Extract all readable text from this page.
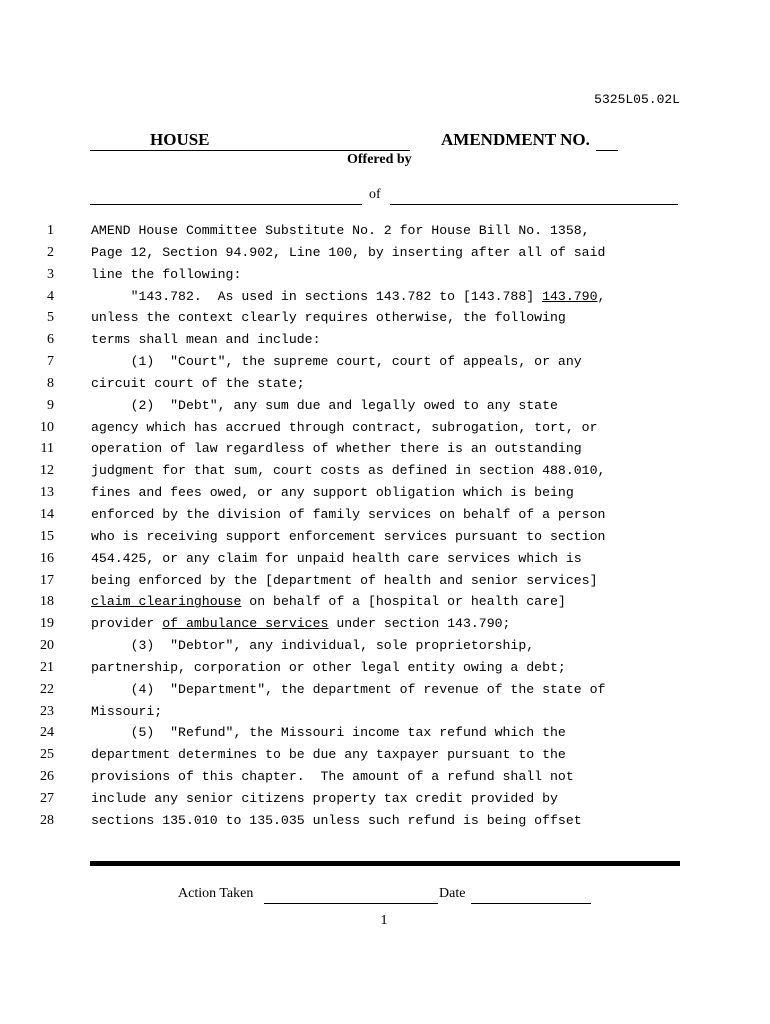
5325L05.02L
HOUSE	AMENDMENT NO.
Offered by
of
1	AMEND House Committee Substitute No. 2 for House Bill No. 1358,
2	Page 12, Section 94.902, Line 100, by inserting after all of said
3	line the following:
4	"143.782.  As used in sections 143.782 to [143.788] 143.790,
5	unless the context clearly requires otherwise, the following
6	terms shall mean and include:
7	(1)  "Court", the supreme court, court of appeals, or any
8	circuit court of the state;
9	(2)  "Debt", any sum due and legally owed to any state
10	agency which has accrued through contract, subrogation, tort, or
11	operation of law regardless of whether there is an outstanding
12	judgment for that sum, court costs as defined in section 488.010,
13	fines and fees owed, or any support obligation which is being
14	enforced by the division of family services on behalf of a person
15	who is receiving support enforcement services pursuant to section
16	454.425, or any claim for unpaid health care services which is
17	being enforced by the [department of health and senior services]
18	claim clearinghouse on behalf of a [hospital or health care]
19	provider of ambulance services under section 143.790;
20	(3)  "Debtor", any individual, sole proprietorship,
21	partnership, corporation or other legal entity owing a debt;
22	(4)  "Department", the department of revenue of the state of
23	Missouri;
24	(5)  "Refund", the Missouri income tax refund which the
25	department determines to be due any taxpayer pursuant to the
26	provisions of this chapter.  The amount of a refund shall not
27	include any senior citizens property tax credit provided by
28	sections 135.010 to 135.035 unless such refund is being offset
Action Taken	Date
1
